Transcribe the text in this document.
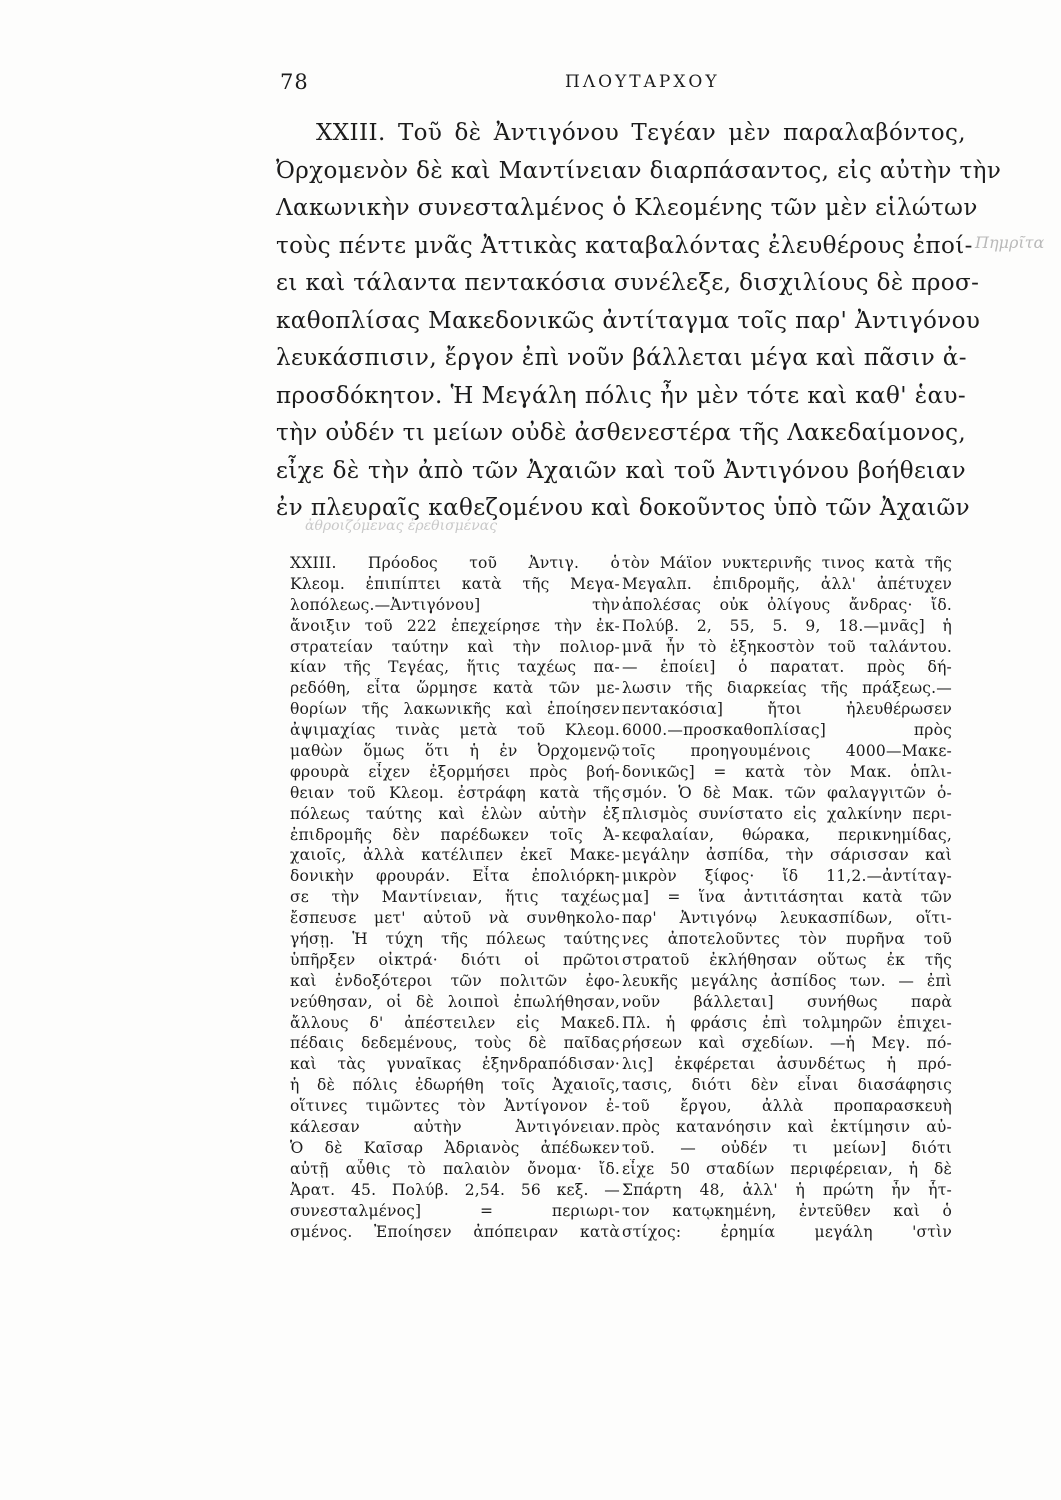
78	ΠΛΟΥΤΑΡΧΟΥ
XXIII. Τοῦ δὲ Ἀντιγόνου Τεγέαν μὲν παραλαβόντος,
Ὀρχομενὸν δὲ καὶ Μαντίνειαν διαρπάσαντος, εἰς αὐτὴν τὴν
Λακωνικὴν συνεσταλμένος ὁ Κλεομένης τῶν μὲν εἱλώτων
τοὺς πέντε μνᾶς Ἀττικὰς καταβαλόντας ἐλευθέρους ἐποί-
ει καὶ τάλαντα πεντακόσια συνέλεξε, δισχιλίους δὲ προσ-
καθοπλίσας Μακεδονικῶς ἀντίταγμα τοῖς παρ' Ἀντιγόνου
λευκάσπισιν, ἔργον ἐπὶ νοῦν βάλλεται μέγα καὶ πᾶσιν ἀ-
προσδόκητον. Ἡ Μεγάλη πόλις ἦν μὲν τότε καὶ καθ' ἑαυ-
τὴν οὐδέν τι μείων οὐδὲ ἀσθενεστέρα τῆς Λακεδαίμονος,
εἶχε δὲ τὴν ἀπὸ τῶν Ἀχαιῶν καὶ τοῦ Ἀντιγόνου βοήθειαν
ἐν πλευραῖς καθεζομένου καὶ δοκοῦντος ὑπὸ τῶν Ἀχαιῶν
Πημρῖτα
ἀθροιζόμενας ἐρεθισμένας
XXIII. Πρόοδος τοῦ Ἀντιγ. ὁ
Κλεομ. ἐπιπίπτει κατὰ τῆς Μεγα-
λοπόλεως.—Ἀντιγόνου] τὴν
ἄνοιξιν τοῦ 222 ἐπεχείρησε τὴν ἐκ-
στρατείαν ταύτην καὶ τὴν πολιορ-
κίαν τῆς Τεγέας, ἥτις ταχέως πα-
ρεδόθη, εἶτα ὥρμησε κατὰ τῶν με-
θορίων τῆς λακωνικῆς καὶ ἐποίησεν
ἀψιμαχίας τινὰς μετὰ τοῦ Κλεομ.
μαθὼν ὅμως ὅτι ἡ ἐν Ὀρχομενῷ
φρουρὰ εἶχεν ἐξορμήσει πρὸς βοή-
θειαν τοῦ Κλεομ. ἐστράφη κατὰ τῆς
πόλεως ταύτης καὶ ἑλὼν αὐτὴν ἐξ
ἐπιδρομῆς δὲν παρέδωκεν τοῖς Ἀ-
χαιοῖς, ἀλλὰ κατέλιπεν ἐκεῖ Μακε-
δονικὴν φρουράν. Εἶτα ἐπολιόρκη-
σε τὴν Μαντίνειαν, ἥτις ταχέως
ἔσπευσε μετ' αὐτοῦ νὰ συνθηκολο-
γήσῃ. Ἡ τύχη τῆς πόλεως ταύτης
ὑπῆρξεν οἰκτρά· διότι οἱ πρῶτοι
καὶ ἐνδοξότεροι τῶν πολιτῶν ἐφο-
νεύθησαν, οἱ δὲ λοιποὶ ἐπωλήθησαν,
ἄλλους δ' ἀπέστειλεν εἰς Μακεδ.
πέδαις δεδεμένους, τοὺς δὲ παῖδας
καὶ τὰς γυναῖκας ἐξηνδραπόδισαν·
ἡ δὲ πόλις ἐδωρήθη τοῖς Ἀχαιοῖς,
οἵτινες τιμῶντες τὸν Ἀντίγονον ἐ-
κάλεσαν αὐτὴν Ἀντιγόνειαν.
Ὁ δὲ Καῖσαρ Ἀδριανὸς ἀπέδωκεν
αὐτῇ αὖθις τὸ παλαιὸν ὄνομα· ἴδ.
Ἀρατ. 45. Πολύβ. 2,54. 56 κεξ. —
συνεσταλμένος] = περιωρι-
σμένος. Ἐποίησεν ἀπόπειραν κατὰ
τὸν Μάϊον νυκτερινῆς τινος κατὰ τῆς
Μεγαλπ. ἐπιδρομῆς, ἀλλ' ἀπέτυχεν
ἀπολέσας οὐκ ὀλίγους ἄνδρας· ἴδ.
Πολύβ. 2, 55, 5. 9, 18.—μνᾶς] ἡ
μνᾶ ἦν τὸ ἑξηκοστὸν τοῦ ταλάντου.
— ἐποίει] ὁ παρατατ. πρὸς δή-
λωσιν τῆς διαρκείας τῆς πράξεως.—
πεντακόσια] ἤτοι ἠλευθέρωσεν
6000.—προσκαθοπλίσας] πρὸς
τοῖς προηγουμένοις 4000—Μακε-
δονικῶς] = κατὰ τὸν Μακ. ὁπλι-
σμόν. Ὁ δὲ Μακ. τῶν φαλαγγιτῶν ὁ-
πλισμὸς συνίστατο εἰς χαλκίνην περι-
κεφαλαίαν, θώρακα, περικνημίδας,
μεγάλην ἀσπίδα, τὴν σάρισσαν καὶ
μικρὸν ξίφος· ἴδ 11,2.—ἀντίταγ-
μα] = ἵνα ἀντιτάσηται κατὰ τῶν
παρ' Ἀντιγόνῳ λευκασπίδων, οἵτι-
νες ἀποτελοῦντες τὸν πυρῆνα τοῦ
στρατοῦ ἐκλήθησαν οὕτως ἐκ τῆς
λευκῆς μεγάλης ἀσπίδος των. — ἐπὶ
νοῦν βάλλεται] συνήθως παρὰ
Πλ. ἡ φράσις ἐπὶ τολμηρῶν ἐπιχει-
ρήσεων καὶ σχεδίων. —ἡ Μεγ. πό-
λις] ἐκφέρεται ἀσυνδέτως ἡ πρό-
τασις, διότι δὲν εἶναι διασάφησις
τοῦ ἔργου, ἀλλὰ προπαρασκευὴ
πρὸς κατανόησιν καὶ ἐκτίμησιν αὐ-
τοῦ. — οὐδέν τι μείων] διότι
εἶχε 50 σταδίων περιφέρειαν, ἡ δὲ
Σπάρτη 48, ἀλλ' ἡ πρώτη ἦν ἧτ-
τον κατῳκημένη, ἐντεῦθεν καὶ ὁ
στίχος: ἐρημία μεγάλη 'στὶν
